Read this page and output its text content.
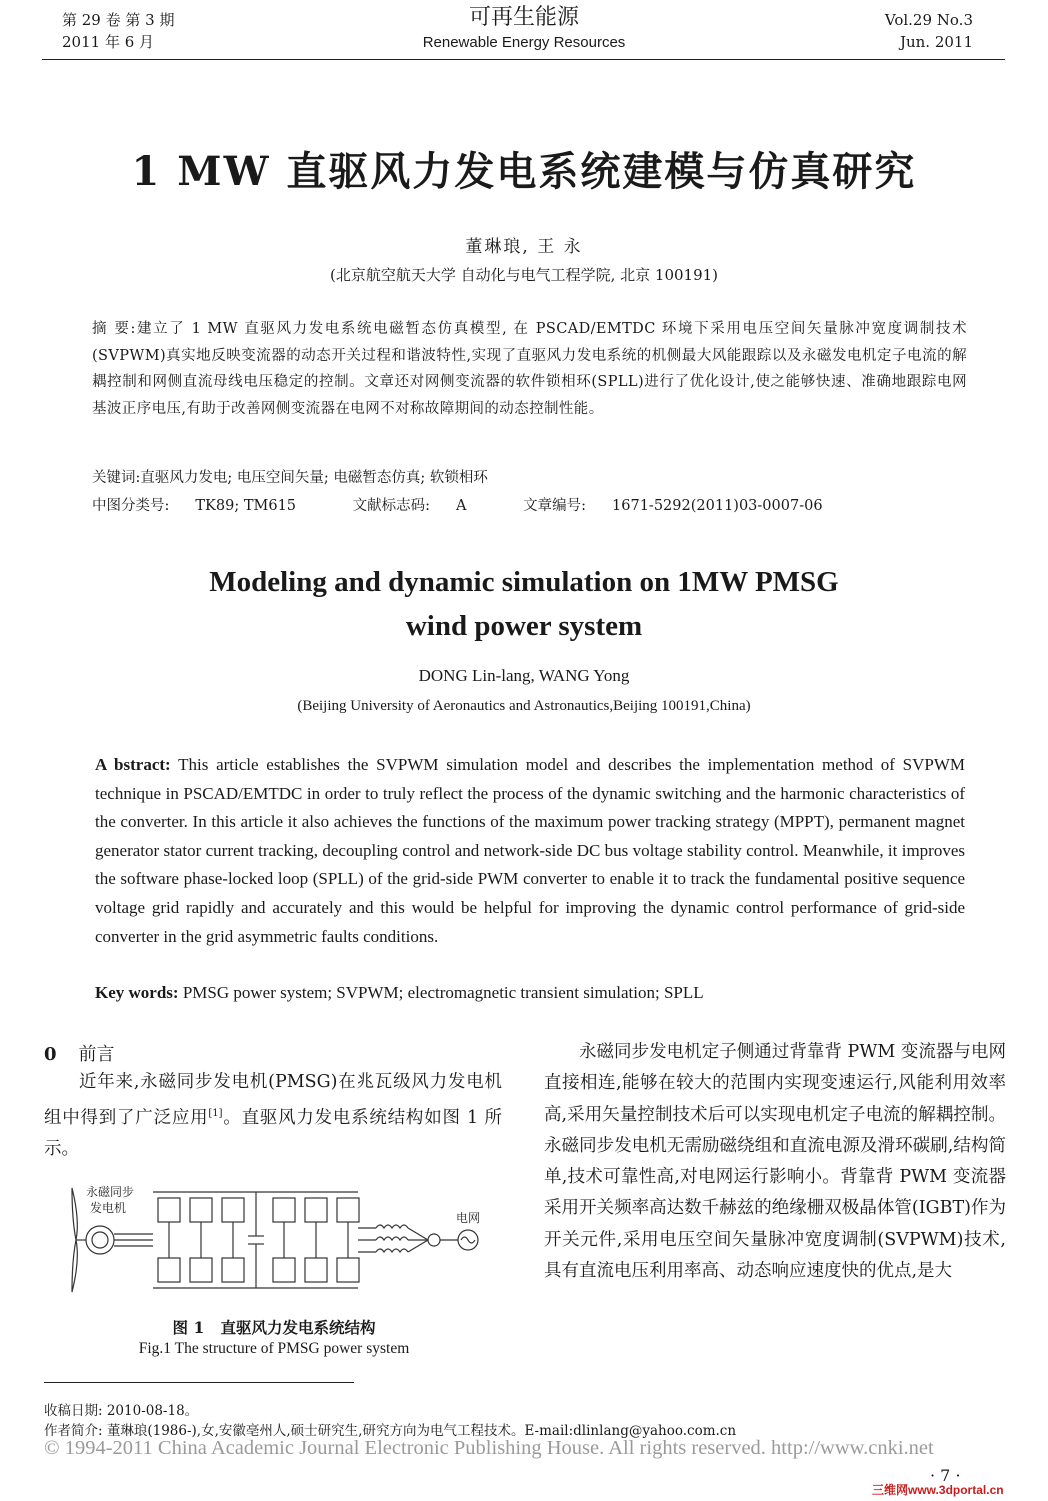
第 29 卷 第 3 期
2011 年 6 月
可再生能源
Renewable Energy Resources
Vol.29 No.3
Jun. 2011
1 MW 直驱风力发电系统建模与仿真研究
董琳琅, 王 永
(北京航空航天大学 自动化与电气工程学院, 北京 100191)
摘 要:建立了 1 MW 直驱风力发电系统电磁暂态仿真模型, 在 PSCAD/EMTDC 环境下采用电压空间矢量脉冲宽度调制技术(SVPWM)真实地反映变流器的动态开关过程和谐波特性,实现了直驱风力发电系统的机侧最大风能跟踪以及永磁发电机定子电流的解耦控制和网侧直流母线电压稳定的控制。文章还对网侧变流器的软件锁相环(SPLL)进行了优化设计,使之能够快速、准确地跟踪电网基波正序电压,有助于改善网侧变流器在电网不对称故障期间的动态控制性能。
关键词:直驱风力发电; 电压空间矢量; 电磁暂态仿真; 软锁相环
中图分类号: TK89; TM615	文献标志码: A	文章编号: 1671-5292(2011)03-0007-06
Modeling and dynamic simulation on 1MW PMSG
wind power system
DONG Lin-lang, WANG Yong
(Beijing University of Aeronautics and Astronautics,Beijing 100191,China)
A bstract: This article establishes the SVPWM simulation model and describes the implementation method of SVPWM technique in PSCAD/EMTDC in order to truly reflect the process of the dynamic switching and the harmonic characteristics of the converter. In this article it also achieves the functions of the maximum power tracking strategy (MPPT), permanent magnet generator stator current tracking, decoupling control and network-side DC bus voltage stability control. Meanwhile, it improves the software phase-locked loop (SPLL) of the grid-side PWM converter to enable it to track the fundamental positive sequence voltage grid rapidly and accurately and this would be helpful for improving the dynamic control performance of grid-side converter in the grid asymmetric faults conditions.
Key words: PMSG power system; SVPWM; electromagnetic transient simulation; SPLL
0 前言
近年来,永磁同步发电机(PMSG)在兆瓦级风力发电机组中得到了广泛应用[1]。直驱风力发电系统结构如图 1 所示。
永磁同步发电机定子侧通过背靠背 PWM 变流器与电网直接相连,能够在较大的范围内实现变速运行,风能利用效率高,采用矢量控制技术后可以实现电机定子电流的解耦控制。永磁同步发电机无需励磁绕组和直流电源及滑环碳刷,结构简单,技术可靠性高,对电网运行影响小。背靠背 PWM 变流器采用开关频率高达数千赫兹的绝缘栅双极晶体管(IGBT)作为开关元件,采用电压空间矢量脉冲宽度调制(SVPWM)技术,具有直流电压利用率高、动态响应速度快的优点,是大
永磁同步
发电机
电网
图 1 直驱风力发电系统结构
Fig.1 The structure of PMSG power system
收稿日期: 2010-08-18。
作者简介: 董琳琅(1986-),女,安徽亳州人,硕士研究生,研究方向为电气工程技术。E-mail:dlinlang@yahoo.com.cn
© 1994-2011 China Academic Journal Electronic Publishing House. All rights reserved. http://www.cnki.net
· 7 ·
三维网www.3dportal.cn
